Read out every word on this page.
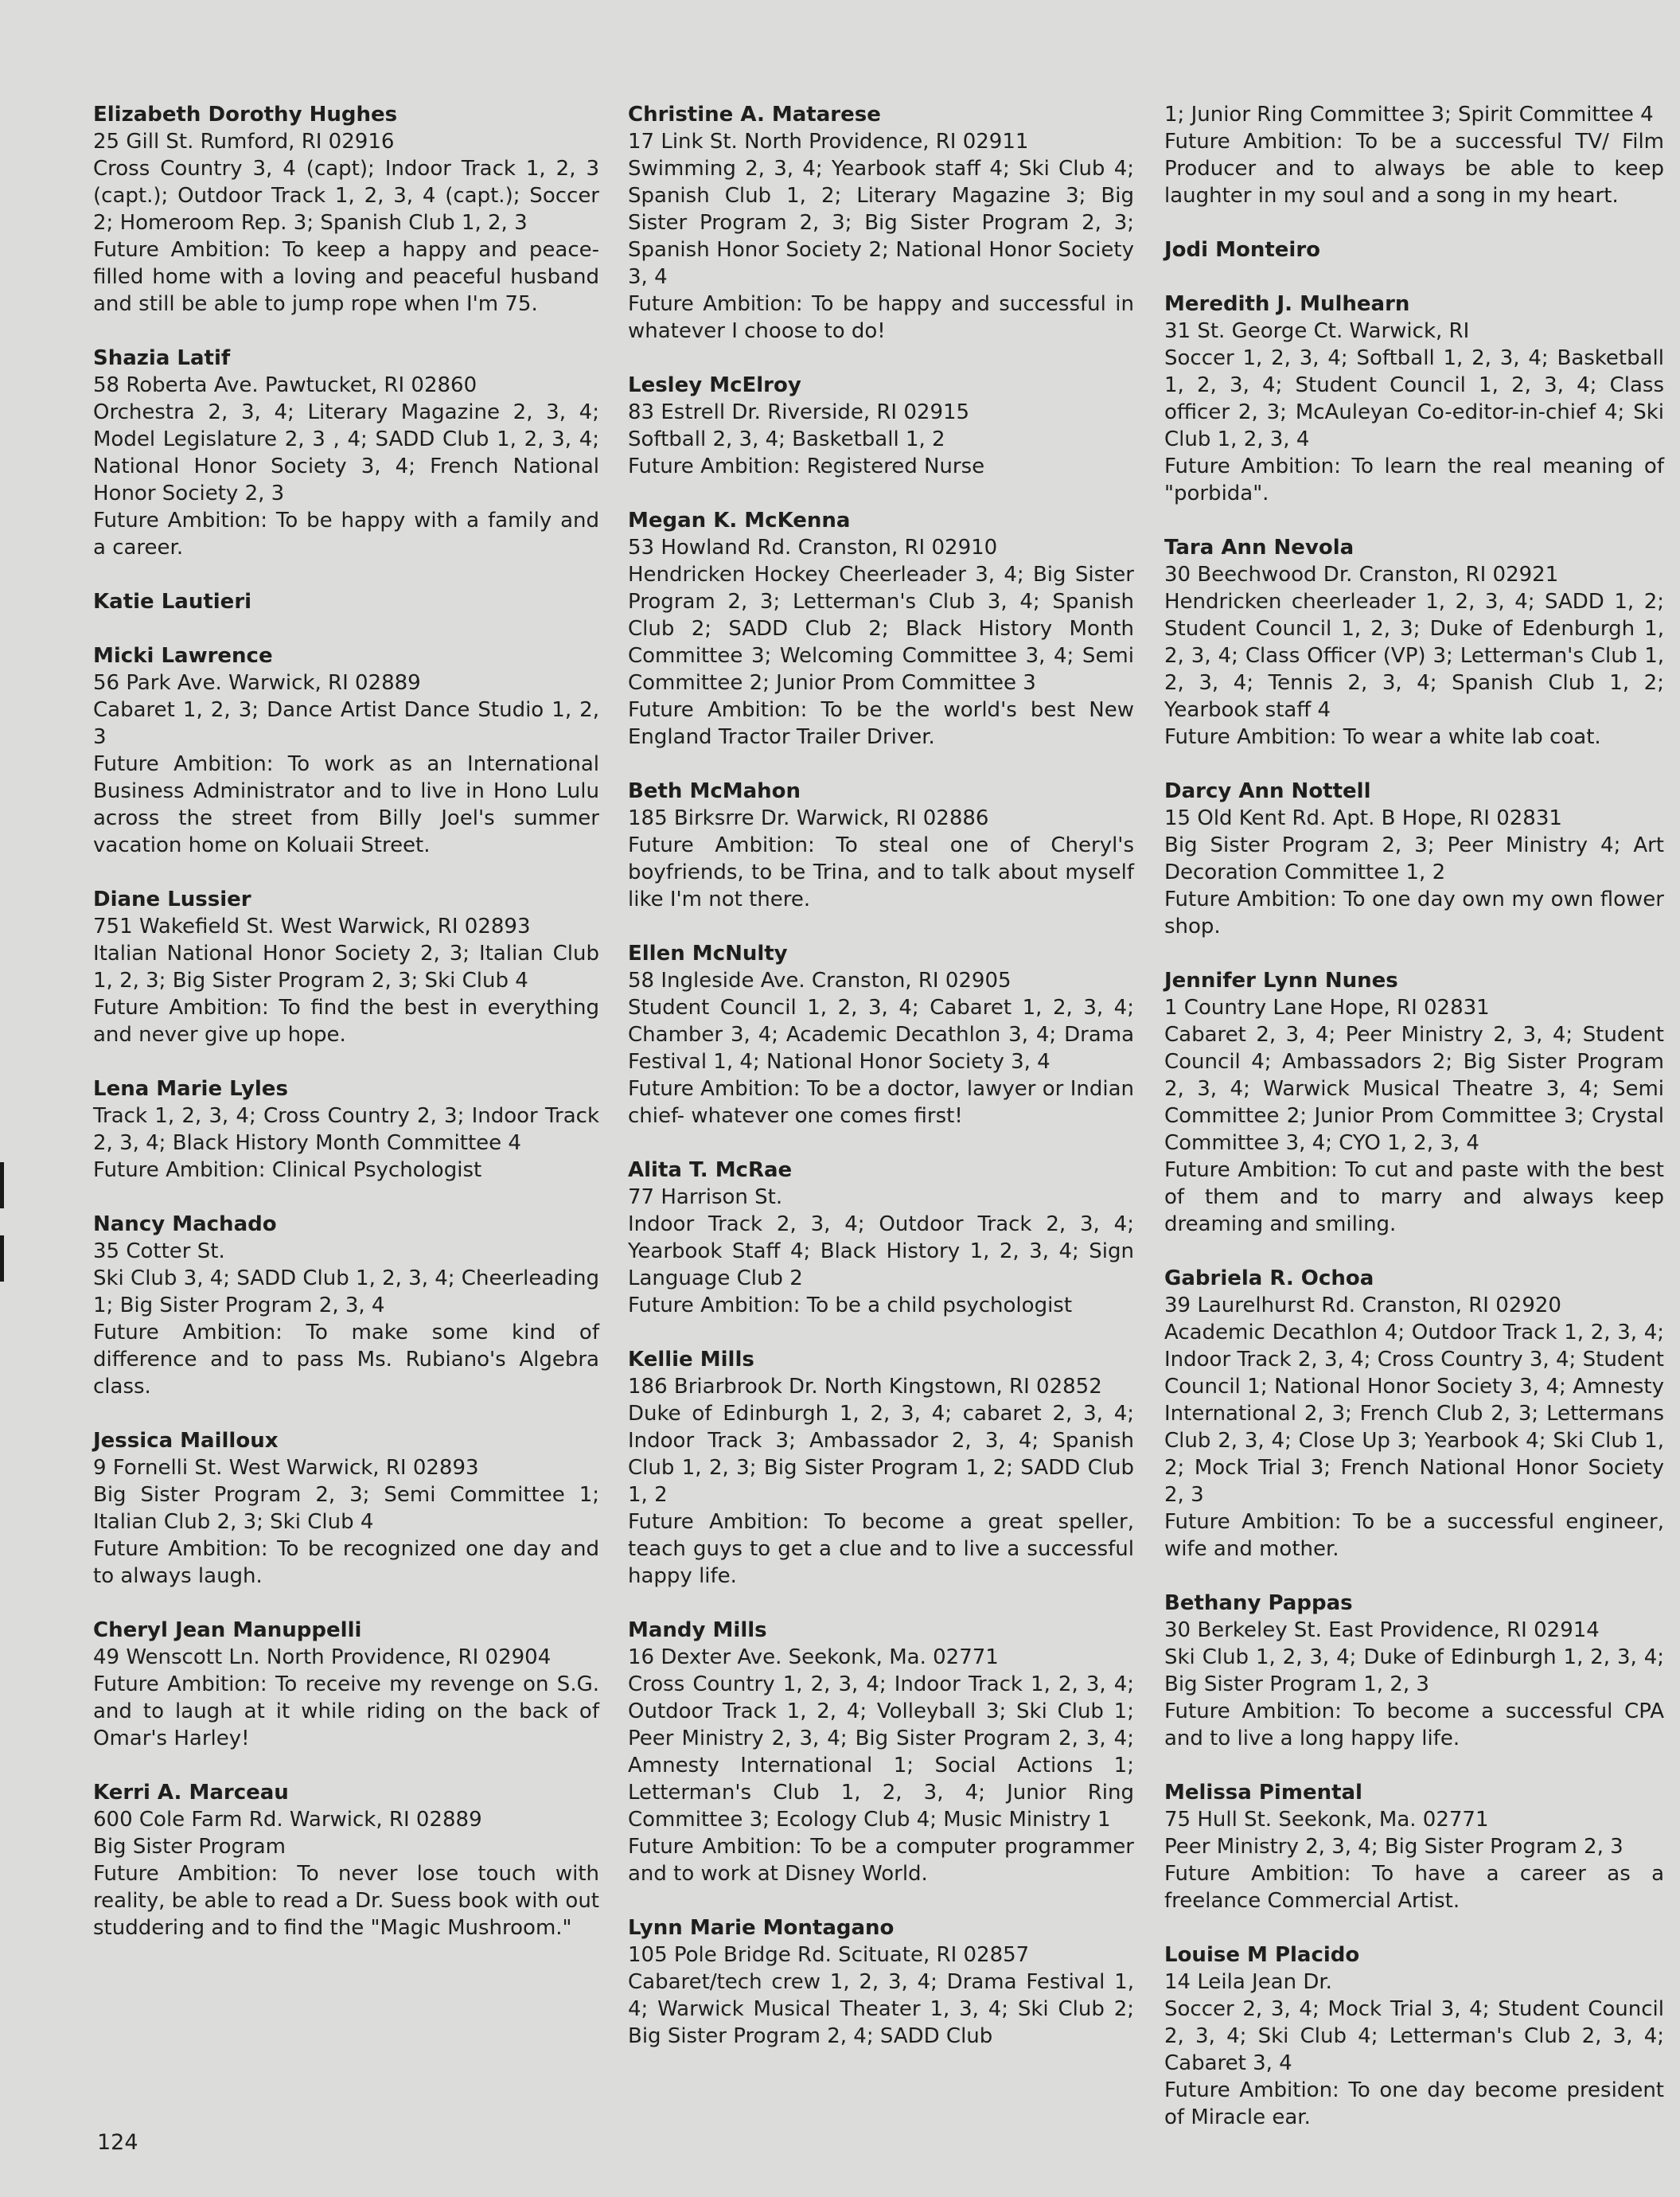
Elizabeth Dorothy Hughes
25 Gill St. Rumford, RI 02916
Cross Country 3, 4 (capt); Indoor Track 1, 2, 3 (capt.); Outdoor Track 1, 2, 3, 4 (capt.); Soccer 2; Homeroom Rep. 3; Spanish Club 1, 2, 3
Future Ambition: To keep a happy and peace-filled home with a loving and peaceful husband and still be able to jump rope when I'm 75.
Shazia Latif
58 Roberta Ave. Pawtucket, RI 02860
Orchestra 2, 3, 4; Literary Magazine 2, 3, 4; Model Legislature 2, 3 , 4; SADD Club 1, 2, 3, 4; National Honor Society 3, 4; French National Honor Society 2, 3
Future Ambition: To be happy with a family and a career.
Katie Lautieri
Micki Lawrence
56 Park Ave. Warwick, RI 02889
Cabaret 1, 2, 3; Dance Artist Dance Studio 1, 2, 3
Future Ambition: To work as an International Business Administrator and to live in Hono Lulu across the street from Billy Joel's summer vacation home on Koluaii Street.
Diane Lussier
751 Wakefield St. West Warwick, RI 02893
Italian National Honor Society 2, 3; Italian Club 1, 2, 3; Big Sister Program 2, 3; Ski Club 4
Future Ambition: To find the best in everything and never give up hope.
Lena Marie Lyles
Track 1, 2, 3, 4; Cross Country 2, 3; Indoor Track 2, 3, 4; Black History Month Committee 4
Future Ambition: Clinical Psychologist
Nancy Machado
35 Cotter St.
Ski Club 3, 4; SADD Club 1, 2, 3, 4; Cheerleading 1; Big Sister Program 2, 3, 4
Future Ambition: To make some kind of difference and to pass Ms. Rubiano's Algebra class.
Jessica Mailloux
9 Fornelli St. West Warwick, RI 02893
Big Sister Program 2, 3; Semi Committee 1; Italian Club 2, 3; Ski Club 4
Future Ambition: To be recognized one day and to always laugh.
Cheryl Jean Manuppelli
49 Wenscott Ln. North Providence, RI 02904
Future Ambition: To receive my revenge on S.G. and to laugh at it while riding on the back of Omar's Harley!
Kerri A. Marceau
600 Cole Farm Rd. Warwick, RI 02889
Big Sister Program
Future Ambition: To never lose touch with reality, be able to read a Dr. Suess book with out studdering and to find the "Magic Mushroom."
Christine A. Matarese
17 Link St. North Providence, RI 02911
Swimming 2, 3, 4; Yearbook staff 4; Ski Club 4; Spanish Club 1, 2; Literary Magazine 3; Big Sister Program 2, 3; Big Sister Program 2, 3; Spanish Honor Society 2; National Honor Society 3, 4
Future Ambition: To be happy and successful in whatever I choose to do!
Lesley McElroy
83 Estrell Dr. Riverside, RI 02915
Softball 2, 3, 4; Basketball 1, 2
Future Ambition: Registered Nurse
Megan K. McKenna
53 Howland Rd. Cranston, RI 02910
Hendricken Hockey Cheerleader 3, 4; Big Sister Program 2, 3; Letterman's Club 3, 4; Spanish Club 2; SADD Club 2; Black History Month Committee 3; Welcoming Committee 3, 4; Semi Committee 2; Junior Prom Committee 3
Future Ambition: To be the world's best New England Tractor Trailer Driver.
Beth McMahon
185 Birksrre Dr. Warwick, RI 02886
Future Ambition: To steal one of Cheryl's boyfriends, to be Trina, and to talk about myself like I'm not there.
Ellen McNulty
58 Ingleside Ave. Cranston, RI 02905
Student Council 1, 2, 3, 4; Cabaret 1, 2, 3, 4; Chamber 3, 4; Academic Decathlon 3, 4; Drama Festival 1, 4; National Honor Society 3, 4
Future Ambition: To be a doctor, lawyer or Indian chief- whatever one comes first!
Alita T. McRae
77 Harrison St.
Indoor Track 2, 3, 4; Outdoor Track 2, 3, 4; Yearbook Staff 4; Black History 1, 2, 3, 4; Sign Language Club 2
Future Ambition: To be a child psychologist
Kellie Mills
186 Briarbrook Dr. North Kingstown, RI 02852
Duke of Edinburgh 1, 2, 3, 4; cabaret 2, 3, 4; Indoor Track 3; Ambassador 2, 3, 4; Spanish Club 1, 2, 3; Big Sister Program 1, 2; SADD Club 1, 2
Future Ambition: To become a great speller, teach guys to get a clue and to live a successful happy life.
Mandy Mills
16 Dexter Ave. Seekonk, Ma. 02771
Cross Country 1, 2, 3, 4; Indoor Track 1, 2, 3, 4; Outdoor Track 1, 2, 4; Volleyball 3; Ski Club 1; Peer Ministry 2, 3, 4; Big Sister Program 2, 3, 4; Amnesty International 1; Social Actions 1; Letterman's Club 1, 2, 3, 4; Junior Ring Committee 3; Ecology Club 4; Music Ministry 1
Future Ambition: To be a computer programmer and to work at Disney World.
Lynn Marie Montagano
105 Pole Bridge Rd. Scituate, RI 02857
Cabaret/tech crew 1, 2, 3, 4; Drama Festival 1, 4; Warwick Musical Theater 1, 3, 4; Ski Club 2; Big Sister Program 2, 4; SADD Club
1; Junior Ring Committee 3; Spirit Committee 4
Future Ambition: To be a successful TV/ Film Producer and to always be able to keep laughter in my soul and a song in my heart.
Jodi Monteiro
Meredith J. Mulhearn
31 St. George Ct. Warwick, RI
Soccer 1, 2, 3, 4; Softball 1, 2, 3, 4; Basketball 1, 2, 3, 4; Student Council 1, 2, 3, 4; Class officer 2, 3; McAuleyan Co-editor-in-chief 4; Ski Club 1, 2, 3, 4
Future Ambition: To learn the real meaning of "porbida".
Tara Ann Nevola
30 Beechwood Dr. Cranston, RI 02921
Hendricken cheerleader 1, 2, 3, 4; SADD 1, 2; Student Council 1, 2, 3; Duke of Edenburgh 1, 2, 3, 4; Class Officer (VP) 3; Letterman's Club 1, 2, 3, 4; Tennis 2, 3, 4; Spanish Club 1, 2; Yearbook staff 4
Future Ambition: To wear a white lab coat.
Darcy Ann Nottell
15 Old Kent Rd. Apt. B Hope, RI 02831
Big Sister Program 2, 3; Peer Ministry 4; Art Decoration Committee 1, 2
Future Ambition: To one day own my own flower shop.
Jennifer Lynn Nunes
1 Country Lane Hope, RI 02831
Cabaret 2, 3, 4; Peer Ministry 2, 3, 4; Student Council 4; Ambassadors 2; Big Sister Program 2, 3, 4; Warwick Musical Theatre 3, 4; Semi Committee 2; Junior Prom Committee 3; Crystal Committee 3, 4; CYO 1, 2, 3, 4
Future Ambition: To cut and paste with the best of them and to marry and always keep dreaming and smiling.
Gabriela R. Ochoa
39 Laurelhurst Rd. Cranston, RI 02920
Academic Decathlon 4; Outdoor Track 1, 2, 3, 4; Indoor Track 2, 3, 4; Cross Country 3, 4; Student Council 1; National Honor Society 3, 4; Amnesty International 2, 3; French Club 2, 3; Lettermans Club 2, 3, 4; Close Up 3; Yearbook 4; Ski Club 1, 2; Mock Trial 3; French National Honor Society 2, 3
Future Ambition: To be a successful engineer, wife and mother.
Bethany Pappas
30 Berkeley St. East Providence, RI 02914
Ski Club 1, 2, 3, 4; Duke of Edinburgh 1, 2, 3, 4; Big Sister Program 1, 2, 3
Future Ambition: To become a successful CPA and to live a long happy life.
Melissa Pimental
75 Hull St. Seekonk, Ma. 02771
Peer Ministry 2, 3, 4; Big Sister Program 2, 3
Future Ambition: To have a career as a freelance Commercial Artist.
Louise M Placido
14 Leila Jean Dr.
Soccer 2, 3, 4; Mock Trial 3, 4; Student Council 2, 3, 4; Ski Club 4; Letterman's Club 2, 3, 4; Cabaret 3, 4
Future Ambition: To one day become president of Miracle ear.
124
